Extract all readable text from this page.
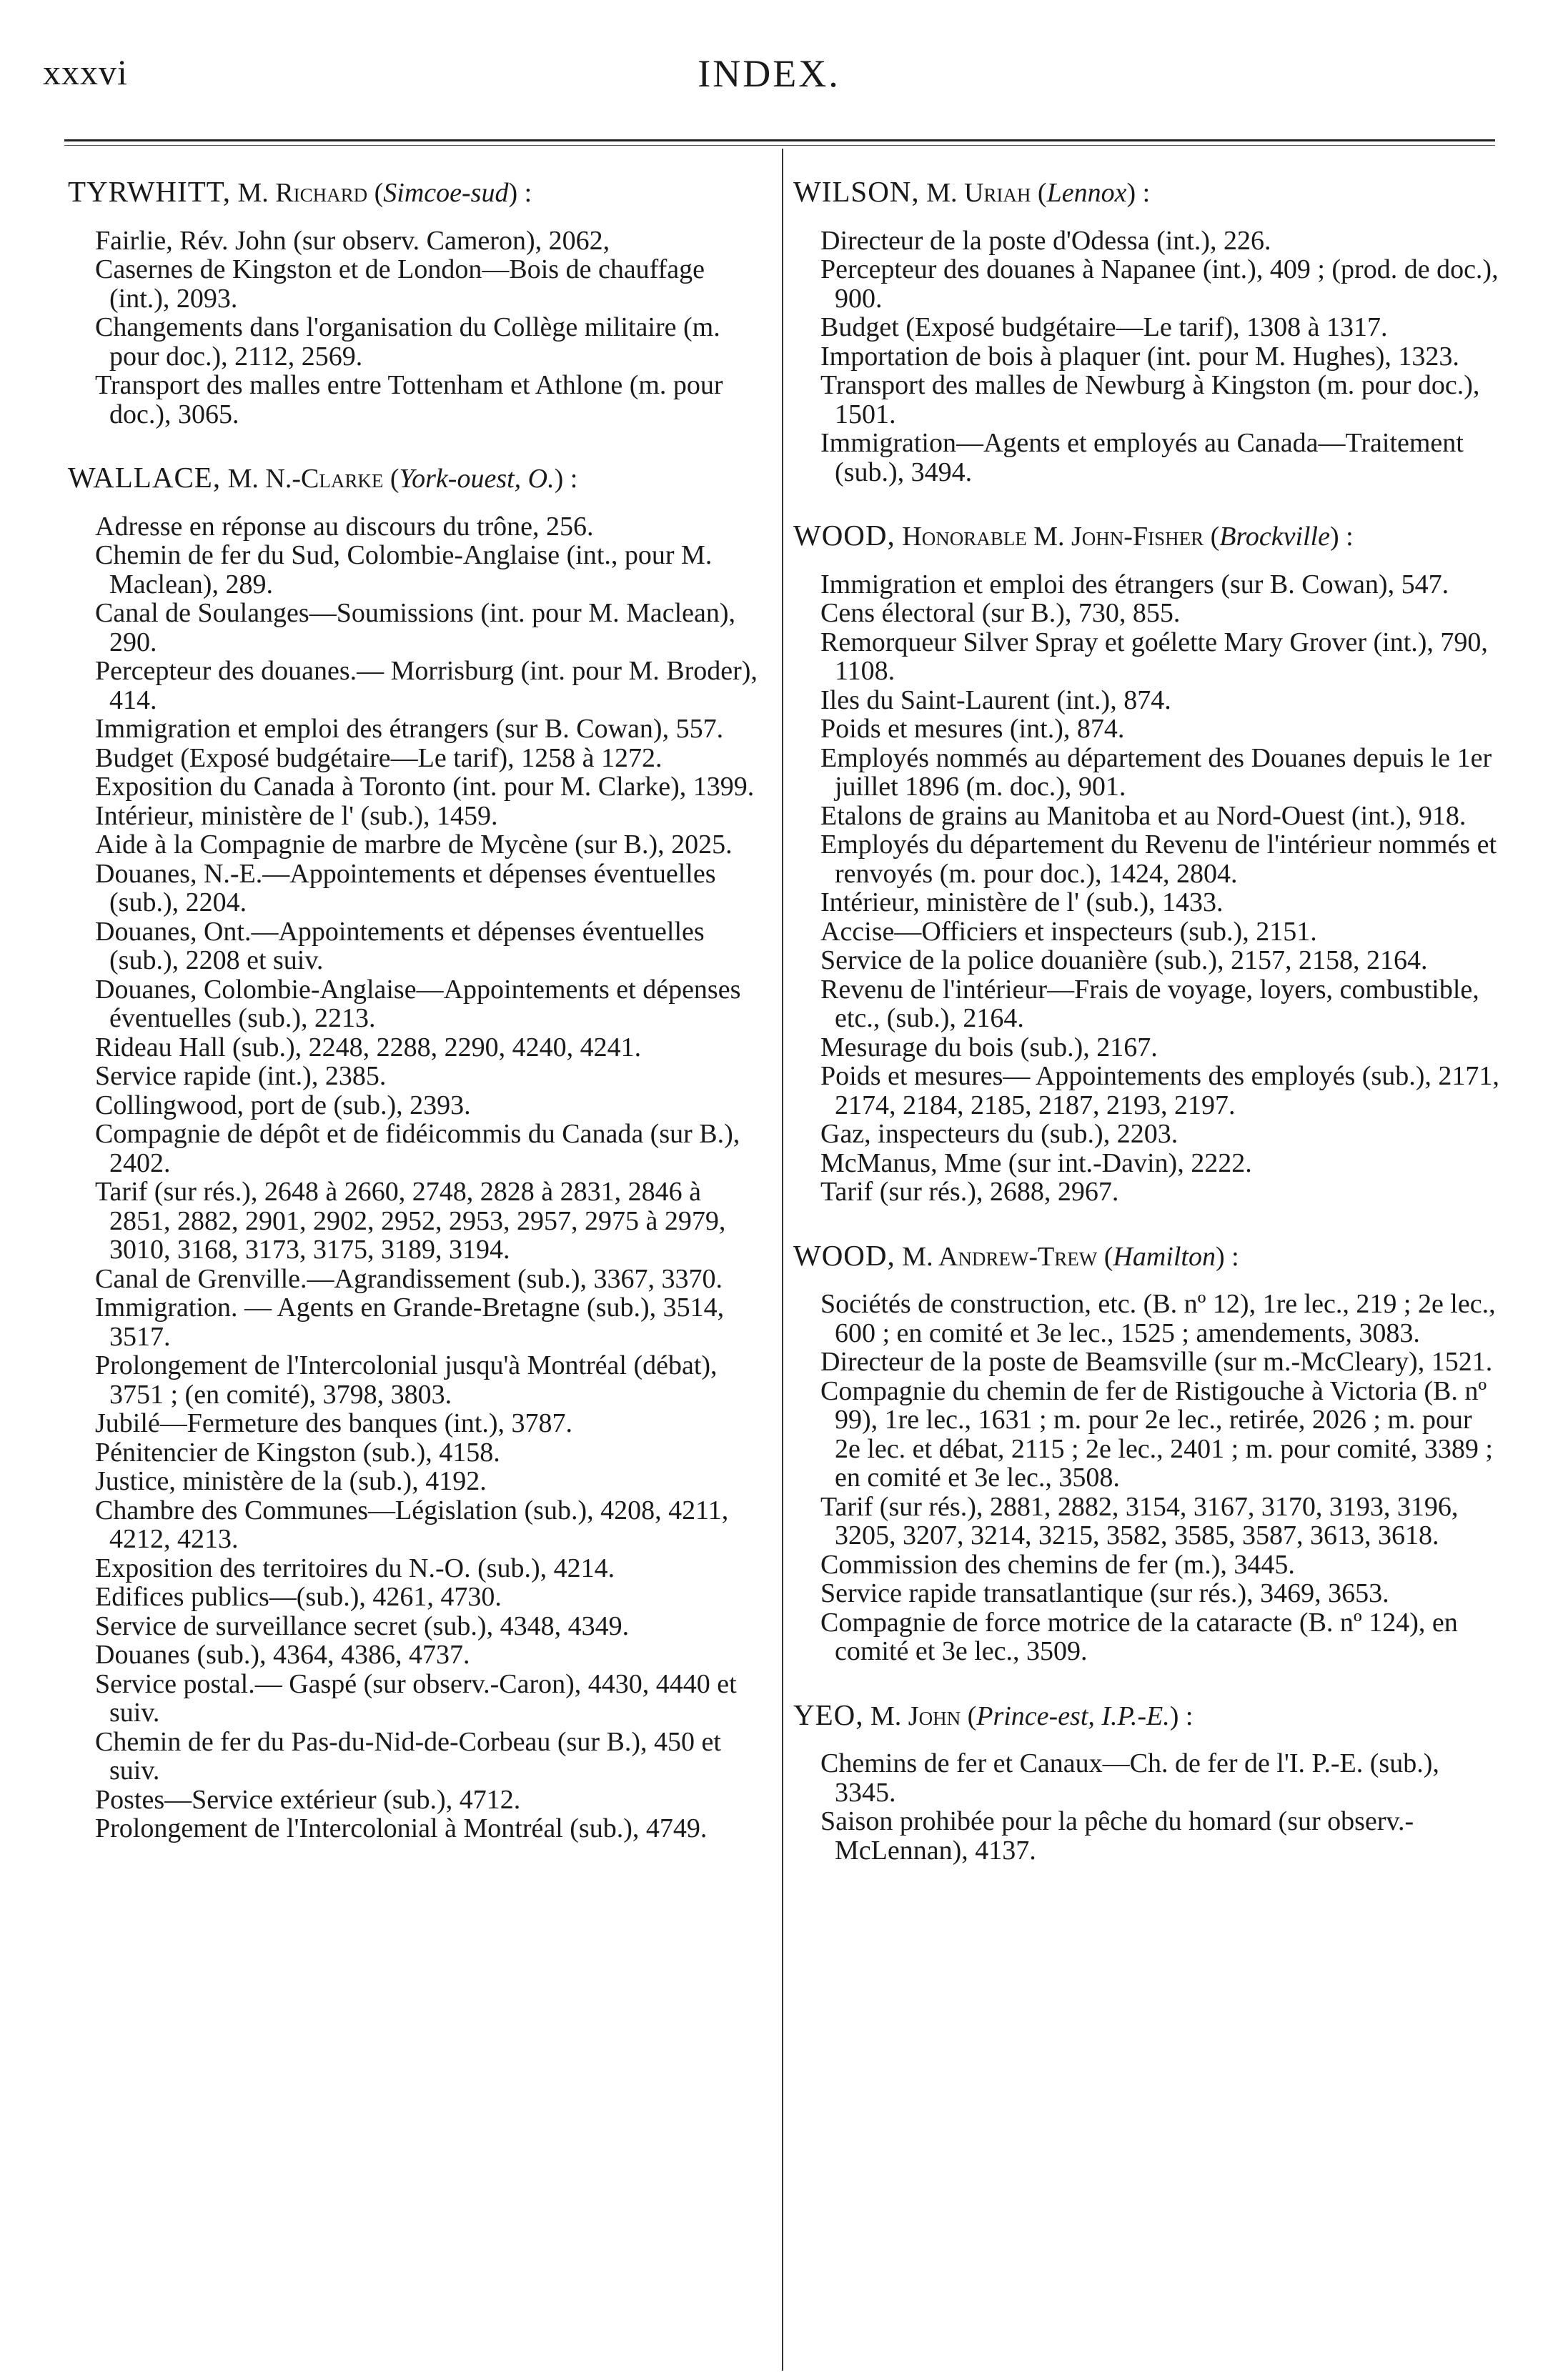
xxxvi	INDEX.

TYRWHITT, M. Richard (Simcoe-sud) :

Fairlie, Rév. John (sur observ. Cameron), 2062,

Casernes de Kingston et de London—Bois de chauffage (int.), 2093.

Changements dans l'organisation du Collège militaire (m. pour doc.), 2112, 2569.

Transport des malles entre Tottenham et Athlone (m. pour doc.), 3065.

WALLACE, M. N.-Clarke (York-ouest, O.) :

Adresse en réponse au discours du trône, 256.

Chemin de fer du Sud, Colombie-Anglaise (int., pour M. Maclean), 289.

Canal de Soulanges—Soumissions (int. pour M. Maclean), 290.

Percepteur des douanes.— Morrisburg (int. pour M. Broder), 414.

Immigration et emploi des étrangers (sur B. Cowan), 557.

Budget (Exposé budgétaire—Le tarif), 1258 à 1272.

Exposition du Canada à Toronto (int. pour M. Clarke), 1399.

Intérieur, ministère de l' (sub.), 1459.

Aide à la Compagnie de marbre de Mycène (sur B.), 2025.

Douanes, N.-E.—Appointements et dépenses éventuelles (sub.), 2204.

Douanes, Ont.—Appointements et dépenses éventuelles (sub.), 2208 et suiv.

Douanes, Colombie-Anglaise—Appointements et dépenses éventuelles (sub.), 2213.

Rideau Hall (sub.), 2248, 2288, 2290, 4240, 4241.

Service rapide (int.), 2385.

Collingwood, port de (sub.), 2393.

Compagnie de dépôt et de fidéicommis du Canada (sur B.), 2402.

Tarif (sur rés.), 2648 à 2660, 2748, 2828 à 2831, 2846 à 2851, 2882, 2901, 2902, 2952, 2953, 2957, 2975 à 2979, 3010, 3168, 3173, 3175, 3189, 3194.

Canal de Grenville.—Agrandissement (sub.), 3367, 3370.

Immigration. — Agents en Grande-Bretagne (sub.), 3514, 3517.

Prolongement de l'Intercolonial jusqu'à Montréal (débat), 3751 ; (en comité), 3798, 3803.

Jubilé—Fermeture des banques (int.), 3787.

Pénitencier de Kingston (sub.), 4158.

Justice, ministère de la (sub.), 4192.

Chambre des Communes—Législation (sub.), 4208, 4211, 4212, 4213.

Exposition des territoires du N.-O. (sub.), 4214.

Edifices publics—(sub.), 4261, 4730.

Service de surveillance secret (sub.), 4348, 4349.

Douanes (sub.), 4364, 4386, 4737.

Service postal.— Gaspé (sur observ.-Caron), 4430, 4440 et suiv.

Chemin de fer du Pas-du-Nid-de-Corbeau (sur B.), 450 et suiv.

Postes—Service extérieur (sub.), 4712.

Prolongement de l'Intercolonial à Montréal (sub.), 4749.

WILSON, M. Uriah (Lennox) :

Directeur de la poste d'Odessa (int.), 226.

Percepteur des douanes à Napanee (int.), 409 ; (prod. de doc.), 900.

Budget (Exposé budgétaire—Le tarif), 1308 à 1317.

Importation de bois à plaquer (int. pour M. Hughes), 1323.

Transport des malles de Newburg à Kingston (m. pour doc.), 1501.

Immigration—Agents et employés au Canada—Traitement (sub.), 3494.

WOOD, Honorable M. John-Fisher (Brockville) :

Immigration et emploi des étrangers (sur B. Cowan), 547.

Cens électoral (sur B.), 730, 855.

Remorqueur Silver Spray et goélette Mary Grover (int.), 790, 1108.

Iles du Saint-Laurent (int.), 874.

Poids et mesures (int.), 874.

Employés nommés au département des Douanes depuis le 1er juillet 1896 (m. doc.), 901.

Etalons de grains au Manitoba et au Nord-Ouest (int.), 918.

Employés du département du Revenu de l'intérieur nommés et renvoyés (m. pour doc.), 1424, 2804.

Intérieur, ministère de l' (sub.), 1433.

Accise—Officiers et inspecteurs (sub.), 2151.

Service de la police douanière (sub.), 2157, 2158, 2164.

Revenu de l'intérieur—Frais de voyage, loyers, combustible, etc., (sub.), 2164.

Mesurage du bois (sub.), 2167.

Poids et mesures— Appointements des employés (sub.), 2171, 2174, 2184, 2185, 2187, 2193, 2197.

Gaz, inspecteurs du (sub.), 2203.

McManus, Mme (sur int.-Davin), 2222.

Tarif (sur rés.), 2688, 2967.

WOOD, M. Andrew-Trew (Hamilton) :

Sociétés de construction, etc. (B. nº 12), 1re lec., 219 ; 2e lec., 600 ; en comité et 3e lec., 1525 ; amendements, 3083.

Directeur de la poste de Beamsville (sur m.-McCleary), 1521.

Compagnie du chemin de fer de Ristigouche à Victoria (B. nº 99), 1re lec., 1631 ; m. pour 2e lec., retirée, 2026 ; m. pour 2e lec. et débat, 2115 ; 2e lec., 2401 ; m. pour comité, 3389 ; en comité et 3e lec., 3508.

Tarif (sur rés.), 2881, 2882, 3154, 3167, 3170, 3193, 3196, 3205, 3207, 3214, 3215, 3582, 3585, 3587, 3613, 3618.

Commission des chemins de fer (m.), 3445.

Service rapide transatlantique (sur rés.), 3469, 3653.

Compagnie de force motrice de la cataracte (B. nº 124), en comité et 3e lec., 3509.

YEO, M. John (Prince-est, I.P.-E.) :

Chemins de fer et Canaux—Ch. de fer de l'I. P.-E. (sub.), 3345.

Saison prohibée pour la pêche du homard (sur observ.-McLennan), 4137.
